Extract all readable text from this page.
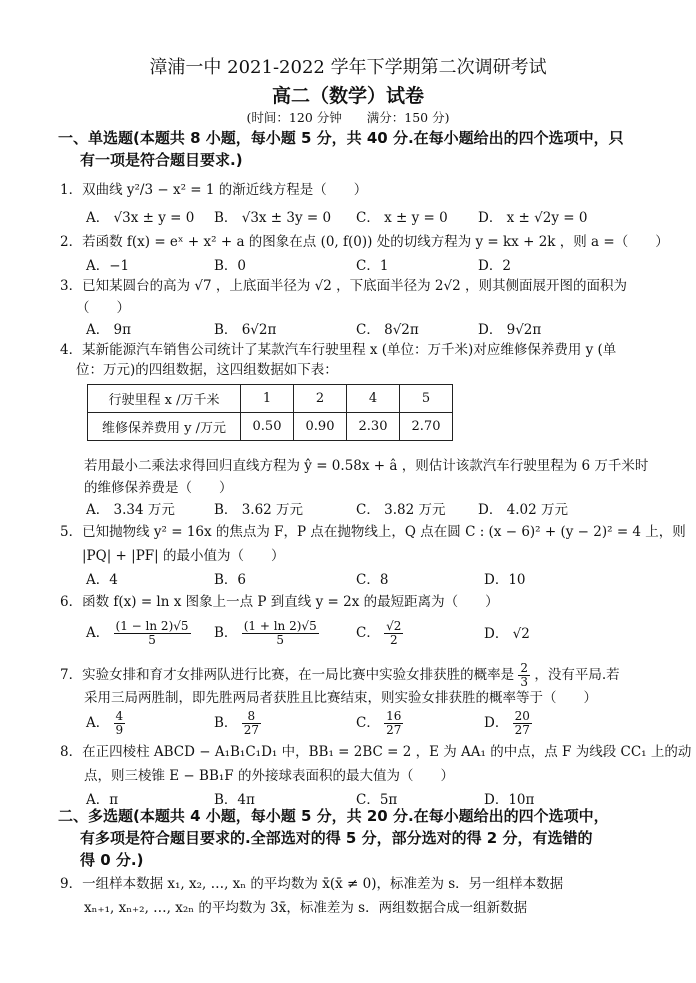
漳浦一中 2021-2022 学年下学期第二次调研考试
高二（数学）试卷
(时间：120 分钟　　满分：150 分)
一、单选题(本题共 8 小题，每小题 5 分，共 40 分.在每小题给出的四个选项中，只
有一项是符合题目要求.)
1．双曲线 y²/3 − x² = 1 的渐近线方程是（　　）
A． √3x ± y = 0 B． √3x ± 3y = 0 C． x ± y = 0 D． x ± √2y = 0
2．若函数 f(x) = eˣ + x² + a 的图象在点 (0, f(0)) 处的切线方程为 y = kx + 2k ，则 a =（　　）
A．−1	B．0	C．1	D．2
3．已知某圆台的高为 √7 ，上底面半径为 √2 ，下底面半径为 2√2 ，则其侧面展开图的面积为
（　　）
A． 9π	B． 6√2π	C． 8√2π	D． 9√2π
4．某新能源汽车销售公司统计了某款汽车行驶里程 x (单位：万千米)对应维修保养费用 y (单
位：万元)的四组数据，这四组数据如下表：
行驶里程 x /万千米	1	2	4	5
维修保养费用 y /万元	0.50	0.90	2.30	2.70
若用最小二乘法求得回归直线方程为 ŷ = 0.58x + â ，则估计该款汽车行驶里程为 6 万千米时
的维修保养费是（　　）
A． 3.34 万元	B． 3.62 万元	C． 3.82 万元 D． 4.02 万元
5．已知抛物线 y² = 16x 的焦点为 F，P 点在抛物线上，Q 点在圆 C : (x − 6)² + (y − 2)² = 4 上，则
|PQ| + |PF| 的最小值为（　　）
A．4	B．6	C．8	D．10
6．函数 f(x) = ln x 图象上一点 P 到直线 y = 2x 的最短距离为（　　）
A． $\frac{(1 - \ln 2)√5}{5}$ B． $\frac{(1 + \ln 2)√5}{5}$	C． $\frac{√2}{2}$	D． √2
7．实验女排和育才女排两队进行比赛，在一局比赛中实验女排获胜的概率是 $\frac{2}{3}$ ，没有平局.若
采用三局两胜制，即先胜两局者获胜且比赛结束，则实验女排获胜的概率等于（　　）
A． $\frac{4}{9}$	B． $\frac{8}{27}$	C． $\frac{16}{27}$	D． $\frac{20}{27}$
8．在正四棱柱 ABCD − A₁B₁C₁D₁ 中，BB₁ = 2BC = 2 ，E 为 AA₁ 的中点，点 F 为线段 CC₁ 上的动
点，则三棱锥 E − BB₁F 的外接球表面积的最大值为（　　）
A．π	B．4π	C．5π	D．10π
二、多选题(本题共 4 小题，每小题 5 分，共 20 分.在每小题给出的四个选项中，
有多项是符合题目要求的.全部选对的得 5 分，部分选对的得 2 分，有选错的
得 0 分.)
9．一组样本数据 x₁, x₂, …, xₙ 的平均数为 x̄(x̄ ≠ 0)，标准差为 s．另一组样本数据
xₙ₊₁, xₙ₊₂, …, x₂ₙ 的平均数为 3x̄，标准差为 s．两组数据合成一组新数据
